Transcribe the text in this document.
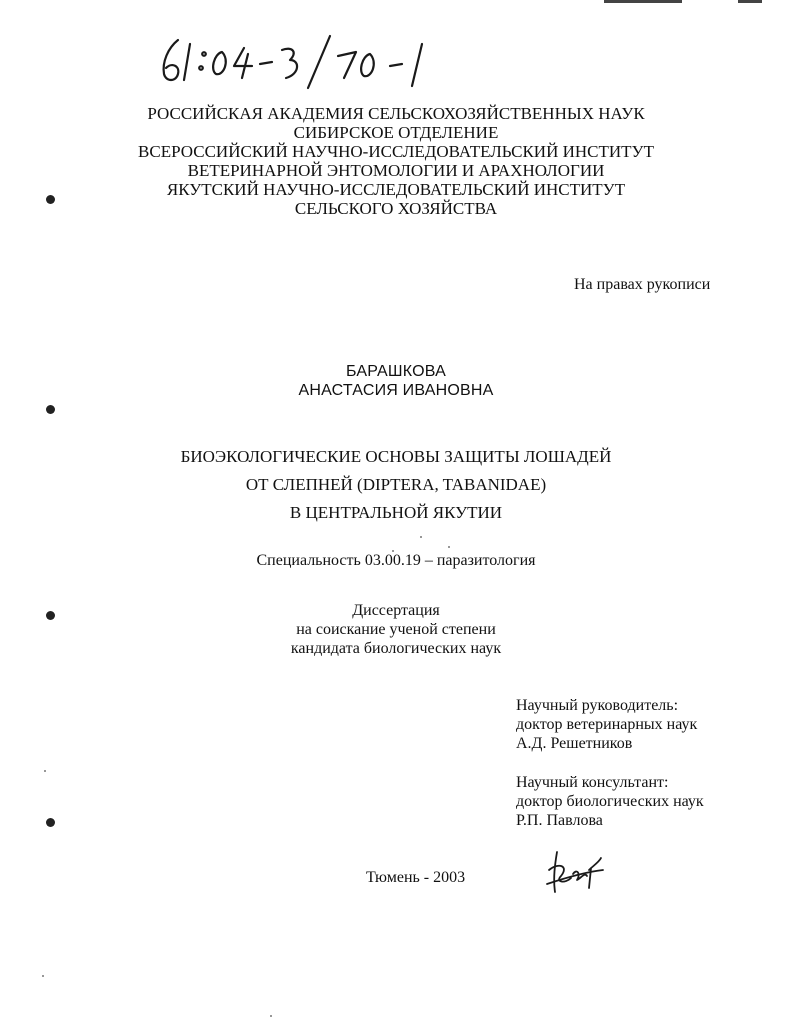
РОССИЙСКАЯ АКАДЕМИЯ СЕЛЬСКОХОЗЯЙСТВЕННЫХ НАУК
СИБИРСКОЕ ОТДЕЛЕНИЕ
ВСЕРОССИЙСКИЙ НАУЧНО-ИССЛЕДОВАТЕЛЬСКИЙ ИНСТИТУТ
ВЕТЕРИНАРНОЙ ЭНТОМОЛОГИИ И АРАХНОЛОГИИ
ЯКУТСКИЙ НАУЧНО-ИССЛЕДОВАТЕЛЬСКИЙ ИНСТИТУТ
СЕЛЬСКОГО ХОЗЯЙСТВА
На правах рукописи
БАРАШКОВА
АНАСТАСИЯ ИВАНОВНА
БИОЭКОЛОГИЧЕСКИЕ ОСНОВЫ ЗАЩИТЫ ЛОШАДЕЙ
ОТ СЛЕПНЕЙ (DIPTERA, TABANIDAE)
В ЦЕНТРАЛЬНОЙ ЯКУТИИ
Специальность 03.00.19 – паразитология
Диссертация
на соискание ученой степени
кандидата биологических наук
Научный руководитель:
доктор ветеринарных наук
А.Д. Решетников
Научный консультант:
доктор биологических наук
Р.П. Павлова
Тюмень - 2003
